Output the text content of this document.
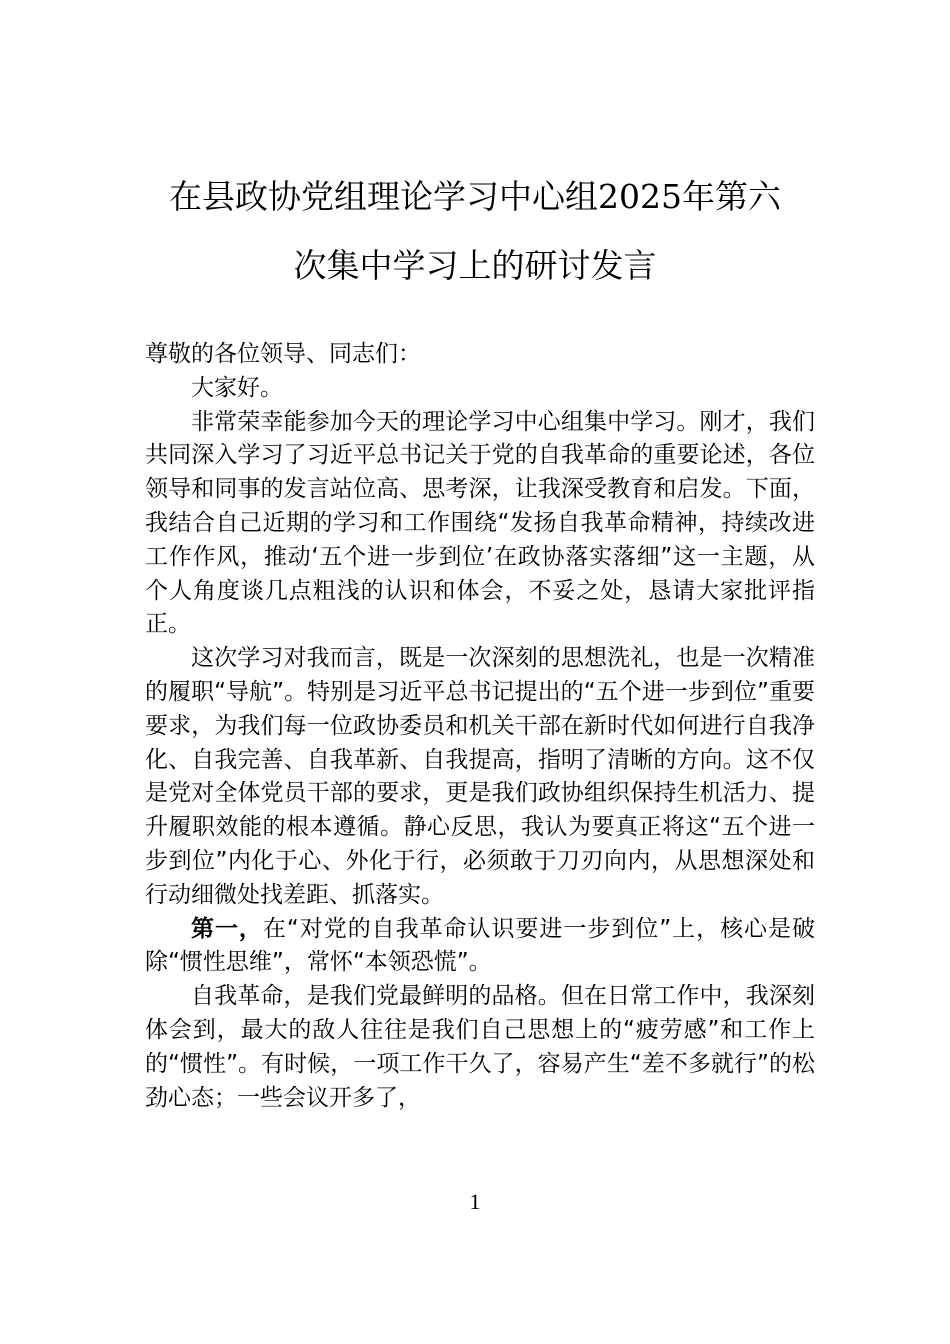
在县政协党组理论学习中心组2025年第六
次集中学习上的研讨发言

尊敬的各位领导、同志们：

大家好。

非常荣幸能参加今天的理论学习中心组集中学习。刚才，我们共同深入学习了习近平总书记关于党的自我革命的重要论述，各位领导和同事的发言站位高、思考深，让我深受教育和启发。下面，我结合自己近期的学习和工作围绕“发扬自我革命精神，持续改进工作作风，推动‘五个进一步到位’在政协落实落细”这一主题，从个人角度谈几点粗浅的认识和体会，不妥之处，恳请大家批评指正。

这次学习对我而言，既是一次深刻的思想洗礼，也是一次精准的履职“导航”。特别是习近平总书记提出的“五个进一步到位”重要要求，为我们每一位政协委员和机关干部在新时代如何进行自我净化、自我完善、自我革新、自我提高，指明了清晰的方向。这不仅是党对全体党员干部的要求，更是我们政协组织保持生机活力、提升履职效能的根本遵循。静心反思，我认为要真正将这“五个进一步到位”内化于心、外化于行，必须敢于刀刃向内，从思想深处和行动细微处找差距、抓落实。

第一，在“对党的自我革命认识要进一步到位”上，核心是破除“惯性思维”，常怀“本领恐慌”。

自我革命，是我们党最鲜明的品格。但在日常工作中，我深刻体会到，最大的敌人往往是我们自己思想上的“疲劳感”和工作上的“惯性”。有时候，一项工作干久了，容易产生“差不多就行”的松劲心态；一些会议开多了，

1
